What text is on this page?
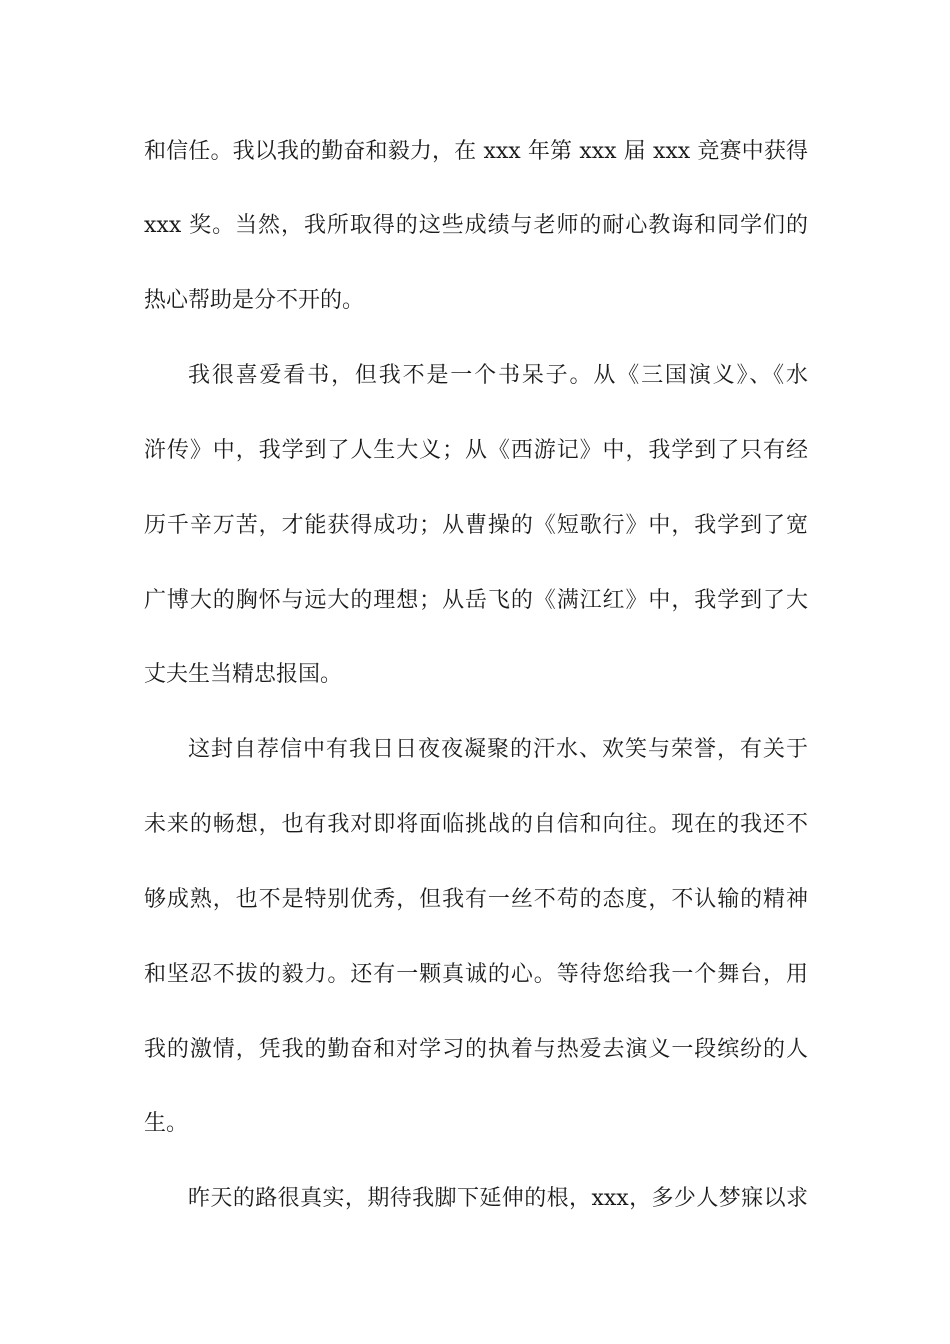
和信任。我以我的勤奋和毅力，在 xxx 年第 xxx 届 xxx 竞赛中获得
xxx 奖。当然，我所取得的这些成绩与老师的耐心教诲和同学们的
热心帮助是分不开的。
我很喜爱看书，但我不是一个书呆子。从《三国演义》、《水
浒传》中，我学到了人生大义；从《西游记》中，我学到了只有经
历千辛万苦，才能获得成功；从曹操的《短歌行》中，我学到了宽
广博大的胸怀与远大的理想；从岳飞的《满江红》中，我学到了大
丈夫生当精忠报国。
这封自荐信中有我日日夜夜凝聚的汗水、欢笑与荣誉，有关于
未来的畅想，也有我对即将面临挑战的自信和向往。现在的我还不
够成熟，也不是特别优秀，但我有一丝不苟的态度，不认输的精神
和坚忍不拔的毅力。还有一颗真诚的心。等待您给我一个舞台，用
我的激情，凭我的勤奋和对学习的执着与热爱去演义一段缤纷的人
生。
昨天的路很真实，期待我脚下延伸的根，xxx，多少人梦寐以求
